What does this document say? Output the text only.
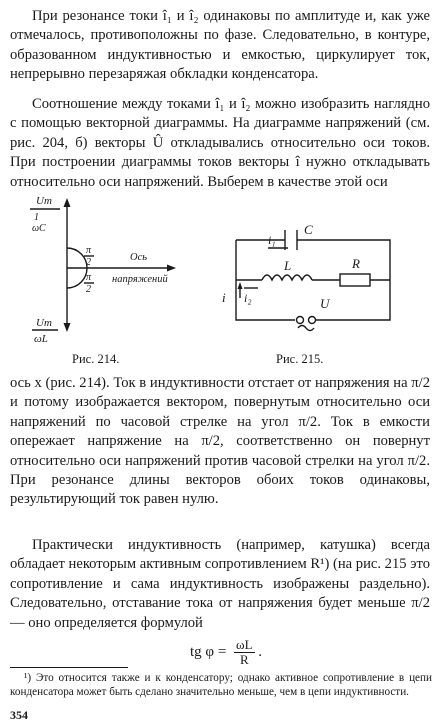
При резонансе токи î₁ и î₂ одинаковы по амплитуде и, как уже отмечалось, противоположны по фазе. Следовательно, в контуре, образованном индуктивностью и емкостью, циркулирует ток, непрерывно перезаряжая обкладки конденсатора.

Соотношение между токами î₁ и î₂ можно изобразить наглядно с помощью векторной диаграммы. На диаграмме напряжений (см. рис. 204, б) векторы Û откладывались относительно оси токов. При построении диаграммы токов векторы î нужно откладывать относительно оси напряжений. Выберем в качестве этой оси

Um
1
ωC
Um
ωL
π
2
π
2
Ось
напряжений
i₁
C
L	R
i i₂	U
Рис. 214.	Рис. 215.

ось x (рис. 214). Ток в индуктивности отстает от напряжения на π/2 и потому изображается вектором, повернутым относительно оси напряжений по часовой стрелке на угол π/2. Ток в емкости опережает напряжение на π/2, соответственно он повернут относительно оси напряжений против часовой стрелки на угол π/2. При резонансе длины векторов обоих токов одинаковы, результирующий ток равен нулю.

Практически индуктивность (например, катушка) всегда обладает некоторым активным сопротивлением R¹) (на рис. 215 это сопротивление и сама индуктивность изображены раздельно). Следовательно, отставание тока от напряжения будет меньше π/2 — оно определяется формулой

tg $\varphi = \frac{\omega L}{R}$ .

¹) Это относится также и к конденсатору; однако активное сопротивление в цепи конденсатора может быть сделано значительно меньше, чем в цепи индуктивности.

354
